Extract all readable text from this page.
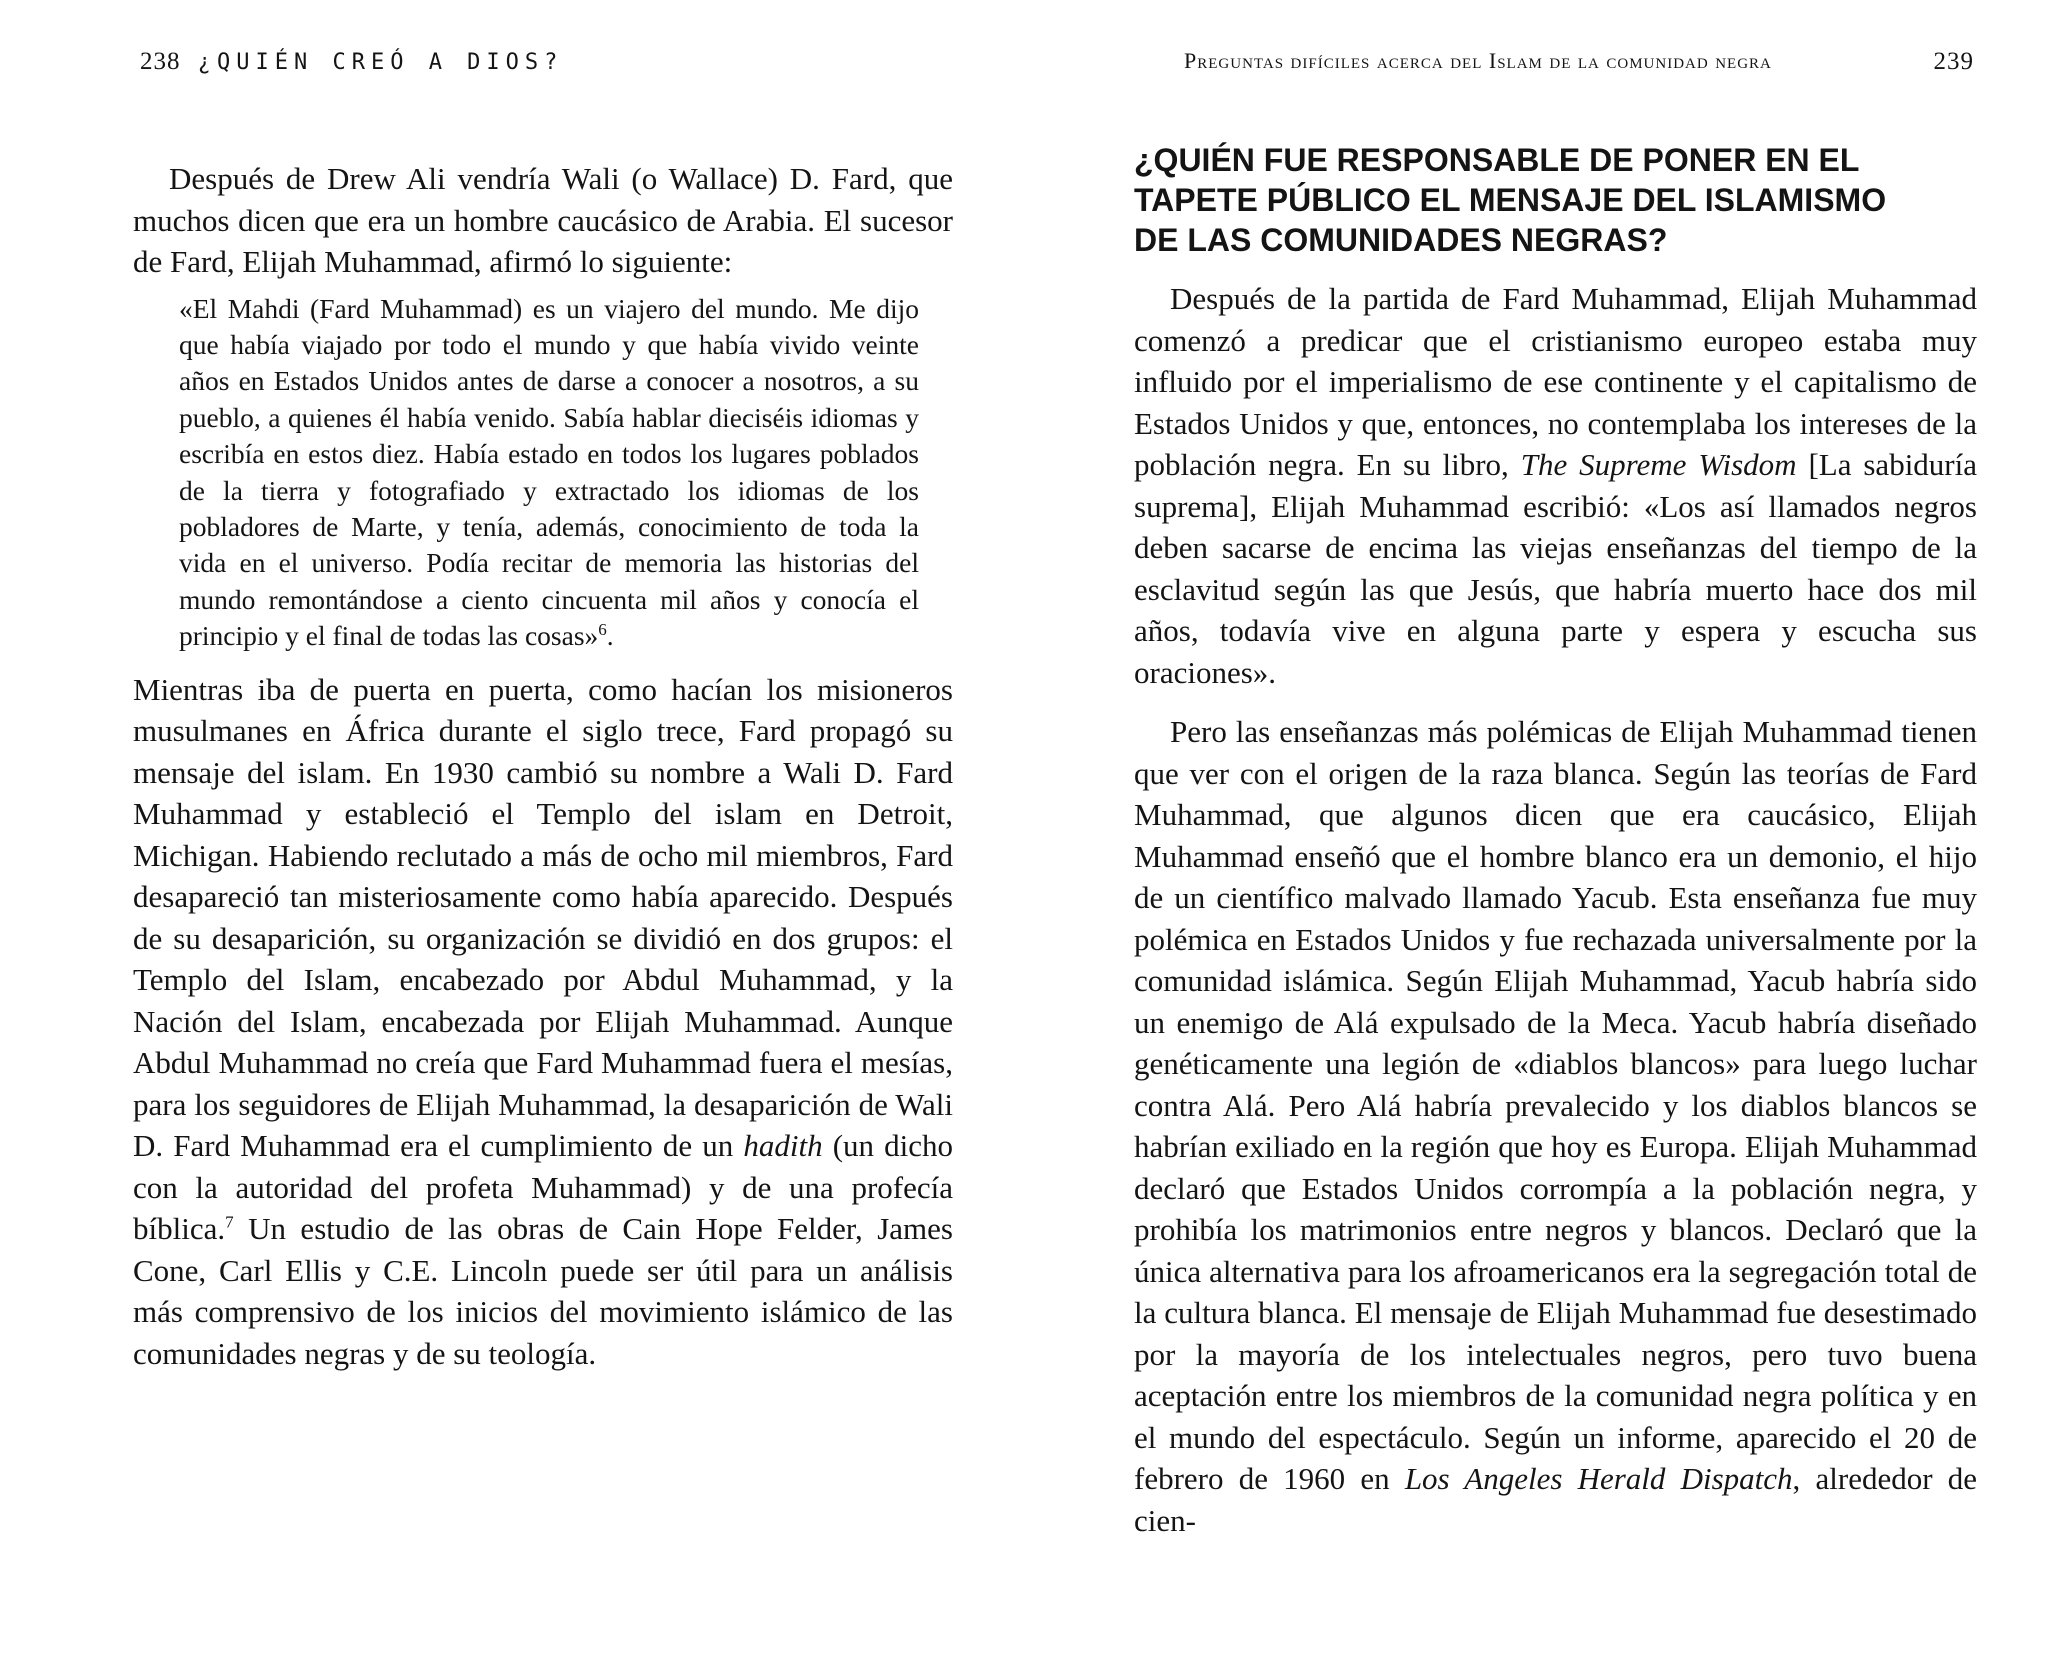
238 ¿QUIÉN CREÓ A DIOS?

Después de Drew Ali vendría Wali (o Wallace) D. Fard, que muchos dicen que era un hombre caucásico de Arabia. El sucesor de Fard, Elijah Muhammad, afirmó lo siguiente:

«El Mahdi (Fard Muhammad) es un viajero del mundo. Me dijo que había viajado por todo el mundo y que había vivido veinte años en Estados Unidos antes de darse a conocer a nosotros, a su pueblo, a quienes él había venido. Sabía hablar dieciséis idiomas y escribía en estos diez. Había estado en todos los lugares poblados de la tierra y fotografiado y extractado los idiomas de los pobladores de Marte, y tenía, además, conocimiento de toda la vida en el universo. Podía recitar de memoria las historias del mundo remontándose a ciento cincuenta mil años y conocía el principio y el final de todas las cosas»$^6$.

Mientras iba de puerta en puerta, como hacían los misioneros musulmanes en África durante el siglo trece, Fard propagó su mensaje del islam. En 1930 cambió su nombre a Wali D. Fard Muhammad y estableció el Templo del islam en Detroit, Michigan. Habiendo reclutado a más de ocho mil miembros, Fard desapareció tan misteriosamente como había aparecido. Después de su desaparición, su organización se dividió en dos grupos: el Templo del Islam, encabezado por Abdul Muhammad, y la Nación del Islam, encabezada por Elijah Muhammad. Aunque Abdul Muhammad no creía que Fard Muhammad fuera el mesías, para los seguidores de Elijah Muhammad, la desaparición de Wali D. Fard Muhammad era el cumplimiento de un hadith (un dicho con la autoridad del profeta Muhammad) y de una profecía bíblica.$^7$ Un estudio de las obras de Cain Hope Felder, James Cone, Carl Ellis y C.E. Lincoln puede ser útil para un análisis más comprensivo de los inicios del movimiento islámico de las comunidades negras y de su teología.

Preguntas difíciles acerca del Islam de la comunidad negra	239
¿QUIÉN FUE RESPONSABLE DE PONER EN EL
TAPETE PÚBLICO EL MENSAJE DEL ISLAMISMO
DE LAS COMUNIDADES NEGRAS?

Después de la partida de Fard Muhammad, Elijah Muhammad comenzó a predicar que el cristianismo europeo estaba muy influido por el imperialismo de ese continente y el capitalismo de Estados Unidos y que, entonces, no contemplaba los intereses de la población negra. En su libro, The Supreme Wisdom [La sabiduría suprema], Elijah Muhammad escribió: «Los así llamados negros deben sacarse de encima las viejas enseñanzas del tiempo de la esclavitud según las que Jesús, que habría muerto hace dos mil años, todavía vive en alguna parte y espera y escucha sus oraciones».

Pero las enseñanzas más polémicas de Elijah Muhammad tienen que ver con el origen de la raza blanca. Según las teorías de Fard Muhammad, que algunos dicen que era caucásico, Elijah Muhammad enseñó que el hombre blanco era un demonio, el hijo de un científico malvado llamado Yacub. Esta enseñanza fue muy polémica en Estados Unidos y fue rechazada universalmente por la comunidad islámica. Según Elijah Muhammad, Yacub habría sido un enemigo de Alá expulsado de la Meca. Yacub habría diseñado genéticamente una legión de «diablos blancos» para luego luchar contra Alá. Pero Alá habría prevalecido y los diablos blancos se habrían exiliado en la región que hoy es Europa. Elijah Muhammad declaró que Estados Unidos corrompía a la población negra, y prohibía los matrimonios entre negros y blancos. Declaró que la única alternativa para los afroamericanos era la segregación total de la cultura blanca. El mensaje de Elijah Muhammad fue desestimado por la mayoría de los intelectuales negros, pero tuvo buena aceptación entre los miembros de la comunidad negra política y en el mundo del espectáculo. Según un informe, aparecido el 20 de febrero de 1960 en Los Angeles Herald Dispatch, alrededor de cien-
